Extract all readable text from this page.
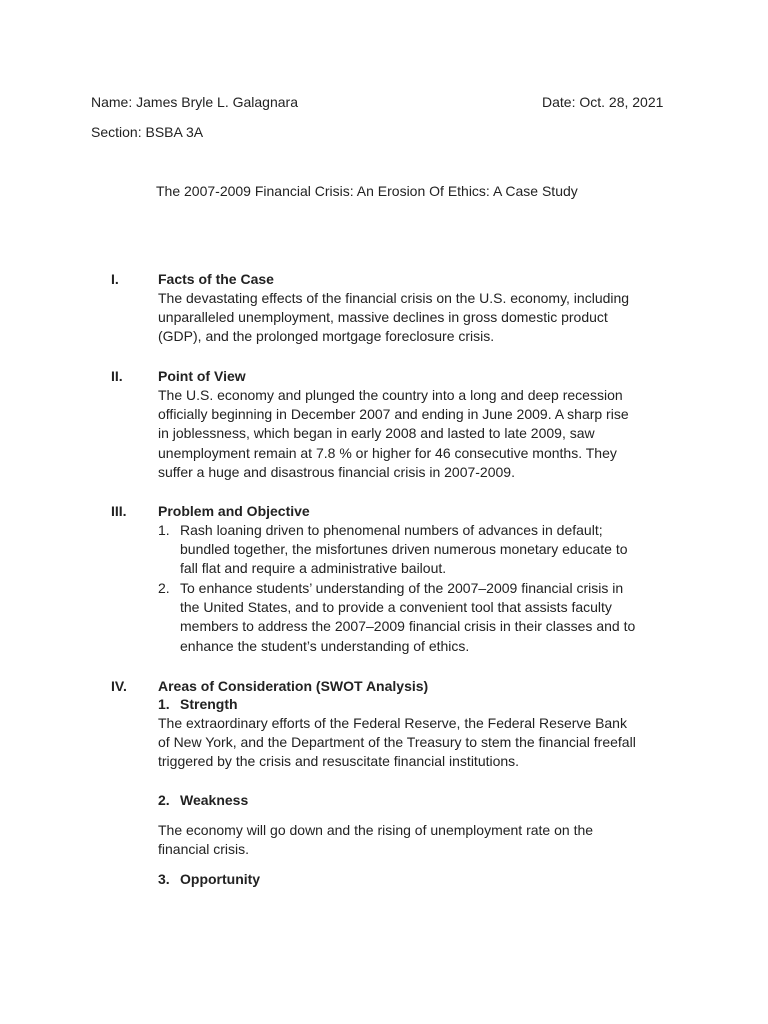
Name: James Bryle L. Galagnara	Date: Oct. 28, 2021
Section: BSBA 3A
The 2007-2009 Financial Crisis: An Erosion Of Ethics: A Case Study
I.	Facts of the Case
The devastating effects of the financial crisis on the U.S. economy, including
unparalleled unemployment, massive declines in gross domestic product
(GDP), and the prolonged mortgage foreclosure crisis.
II.	Point of View
The U.S. economy and plunged the country into a long and deep recession
officially beginning in December 2007 and ending in June 2009. A sharp rise
in joblessness, which began in early 2008 and lasted to late 2009, saw
unemployment remain at 7.8 % or higher for 46 consecutive months. They
suffer a huge and disastrous financial crisis in 2007-2009.
III. Problem and Objective
1. Rash loaning driven to phenomenal numbers of advances in default;
bundled together, the misfortunes driven numerous monetary educate to
fall flat and require a administrative bailout.
2. To enhance students’ understanding of the 2007–2009 financial crisis in
the United States, and to provide a convenient tool that assists faculty
members to address the 2007–2009 financial crisis in their classes and to
enhance the student’s understanding of ethics.
IV. Areas of Consideration (SWOT Analysis)
1. Strength
The extraordinary efforts of the Federal Reserve, the Federal Reserve Bank
of New York, and the Department of the Treasury to stem the financial freefall
triggered by the crisis and resuscitate financial institutions.
2. Weakness
The economy will go down and the rising of unemployment rate on the
financial crisis.
3. Opportunity
